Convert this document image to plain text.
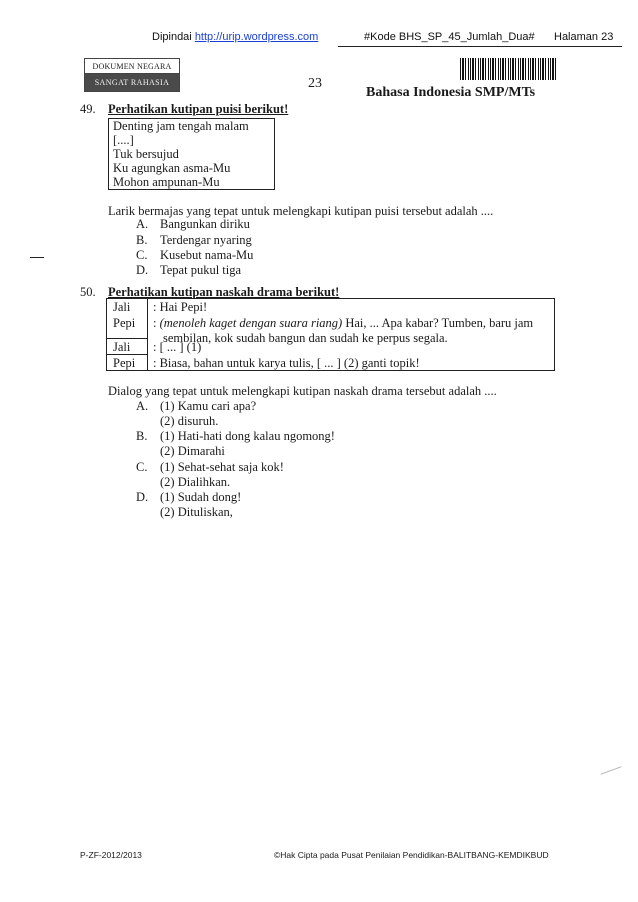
Dipindai http://urip.wordpress.com	#Kode BHS_SP_45_Jumlah_Dua# Halaman 23
DOKUMEN NEGARA
SANGAT RAHASIA	23
Bahasa Indonesia SMP/MTs
49. Perhatikan kutipan puisi berikut!
Denting jam tengah malam
[....]
Tuk bersujud
Ku agungkan asma-Mu
Mohon ampunan-Mu
Larik bermajas yang tepat untuk melengkapi kutipan puisi tersebut adalah ....
A. Bangunkan diriku
B. Terdengar nyaring
C. Kusebut nama-Mu
D. Tepat pukul tiga
50. Perhatikan kutipan naskah drama berikut!
Jali : Hai Pepi!
Pepi : (menoleh kaget dengan suara riang) Hai, ... Apa kabar? Tumben, baru jam
sembilan, kok sudah bangun dan sudah ke perpus segala.
Jali : [ ... ] (1)
Pepi : Biasa, bahan untuk karya tulis, [ ... ] (2) ganti topik!
Dialog yang tepat untuk melengkapi kutipan naskah drama tersebut adalah ....
A. (1) Kamu cari apa?
(2) disuruh.
B. (1) Hati-hati dong kalau ngomong!
(2) Dimarahi
C. (1) Sehat-sehat saja kok!
(2) Dialihkan.
D. (1) Sudah dong!
(2) Dituliskan,
P-ZF-2012/2013	©Hak Cipta pada Pusat Penilaian Pendidikan-BALITBANG-KEMDIKBUD
